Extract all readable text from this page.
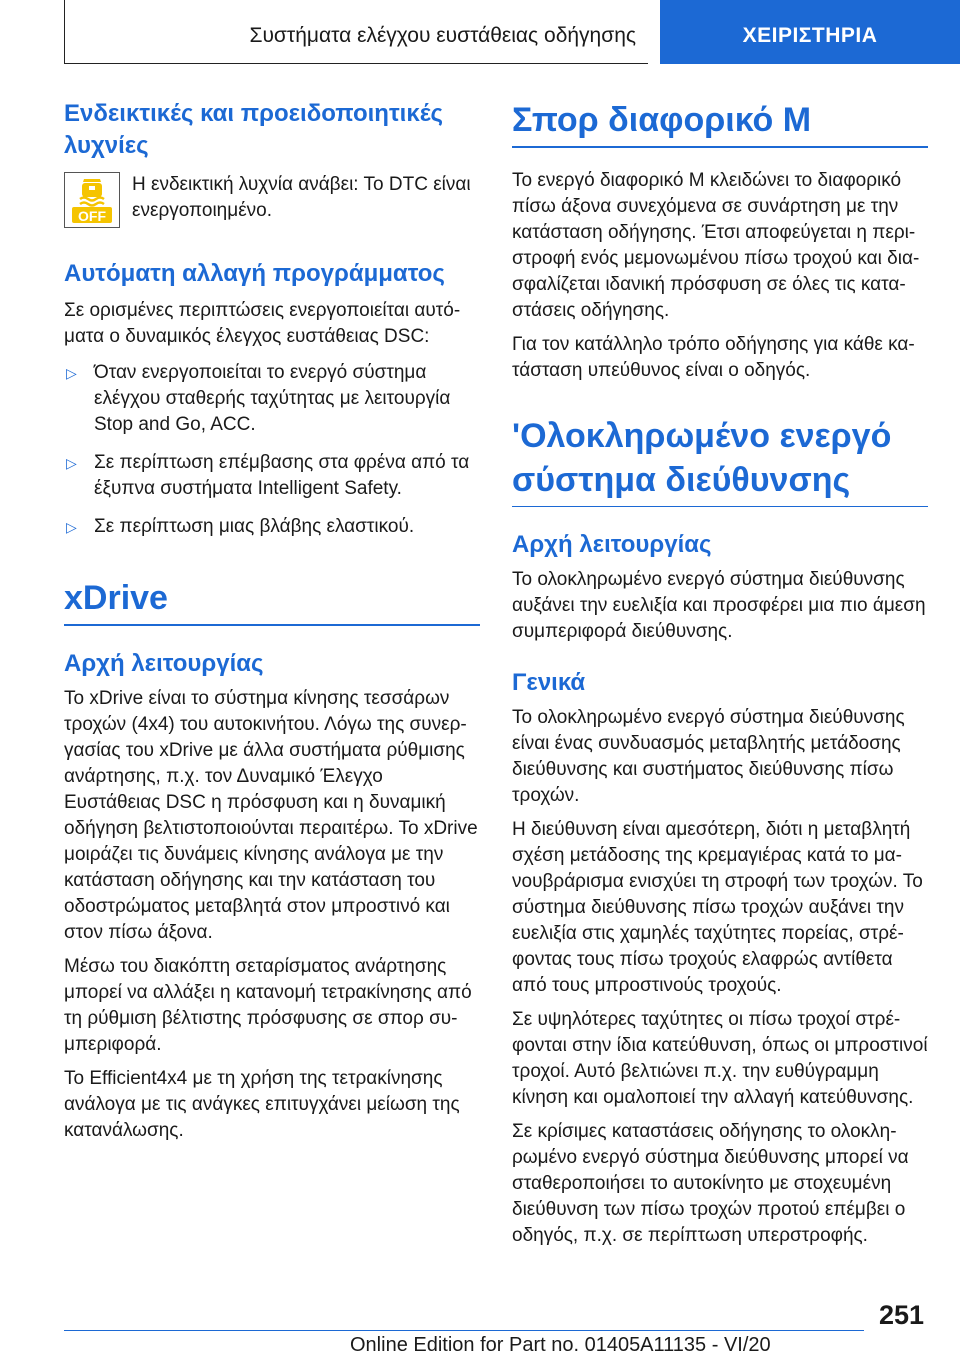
Συστήματα ελέγχου ευστάθειας οδήγησης	ΧΕΙΡΙΣΤΗΡΙΑ
Ενδεικτικές και προειδοποιητικές λυχνίες
OFF
Η ενδεικτική λυχνία ανάβει: Το DTC είναι ενεργοποιημένο.
Αυτόματη αλλαγή προγράμματος

Σε ορισμένες περιπτώσεις ενεργοποιείται αυτό-ματα ο δυναμικός έλεγχος ευστάθειας DSC:

▷ Όταν ενεργοποιείται το ενεργό σύστημα ελέγχου σταθερής ταχύτητας με λειτουργία Stop and Go, ACC.
▷ Σε περίπτωση επέμβασης στα φρένα από τα έξυπνα συστήματα Intelligent Safety.
▷ Σε περίπτωση μιας βλάβης ελαστικού.
xDrive
Αρχή λειτουργίας

Το xDrive είναι το σύστημα κίνησης τεσσάρων τροχών (4x4) του αυτοκινήτου. Λόγω της συνερ-γασίας του xDrive με άλλα συστήματα ρύθμισης ανάρτησης, π.χ. τον Δυναμικό Έλεγχο Ευστάθειας DSC η πρόσφυση και η δυναμική οδήγηση βελτιστοποιούνται περαιτέρω. Το xDrive μοιράζει τις δυνάμεις κίνησης ανάλογα με την κατάσταση οδήγησης και την κατάσταση του οδοστρώματος μεταβλητά στον μπροστινό και στον πίσω άξονα.

Μέσω του διακόπτη σεταρίσματος ανάρτησης μπορεί να αλλάξει η κατανομή τετρακίνησης από τη ρύθμιση βέλτιστης πρόσφυσης σε σπορ συ-μπεριφορά.

Το Efficient4x4 με τη χρήση της τετρακίνησης ανάλογα με τις ανάγκες επιτυγχάνει μείωση της κατανάλωσης.

Σπορ διαφορικό M

Το ενεργό διαφορικό M κλειδώνει το διαφορικό πίσω άξονα συνεχόμενα σε συνάρτηση με την κατάσταση οδήγησης. Έτσι αποφεύγεται η περι-στροφή ενός μεμονωμένου πίσω τροχού και δια-σφαλίζεται ιδανική πρόσφυση σε όλες τις κατα-στάσεις οδήγησης.

Για τον κατάλληλο τρόπο οδήγησης για κάθε κα-τάσταση υπεύθυνος είναι ο οδηγός.

'Ολοκληρωμένο ενεργό σύστημα διεύθυνσης
Αρχή λειτουργίας

Το ολοκληρωμένο ενεργό σύστημα διεύθυνσης αυξάνει την ευελιξία και προσφέρει μια πιο άμεση συμπεριφορά διεύθυνσης.

Γενικά

Το ολοκληρωμένο ενεργό σύστημα διεύθυνσης είναι ένας συνδυασμός μεταβλητής μετάδοσης διεύθυνσης και συστήματος διεύθυνσης πίσω τροχών.

Η διεύθυνση είναι αμεσότερη, διότι η μεταβλητή σχέση μετάδοσης της κρεμαγιέρας κατά το μα-νουβράρισμα ενισχύει τη στροφή των τροχών. Το σύστημα διεύθυνσης πίσω τροχών αυξάνει την ευελιξία στις χαμηλές ταχύτητες πορείας, στρέ-φοντας τους πίσω τροχούς ελαφρώς αντίθετα από τους μπροστινούς τροχούς.

Σε υψηλότερες ταχύτητες οι πίσω τροχοί στρέ-φονται στην ίδια κατεύθυνση, όπως οι μπροστινοί τροχοί. Αυτό βελτιώνει π.χ. την ευθύγραμμη κίνηση και ομαλοποιεί την αλλαγή κατεύθυνσης.

Σε κρίσιμες καταστάσεις οδήγησης το ολοκλη-ρωμένο ενεργό σύστημα διεύθυνσης μπορεί να σταθεροποιήσει το αυτοκίνητο με στοχευμένη διεύθυνση των πίσω τροχών προτού επέμβει ο οδηγός, π.χ. σε περίπτωση υπερστροφής.

251
Online Edition for Part no. 01405A11135 - VI/20
